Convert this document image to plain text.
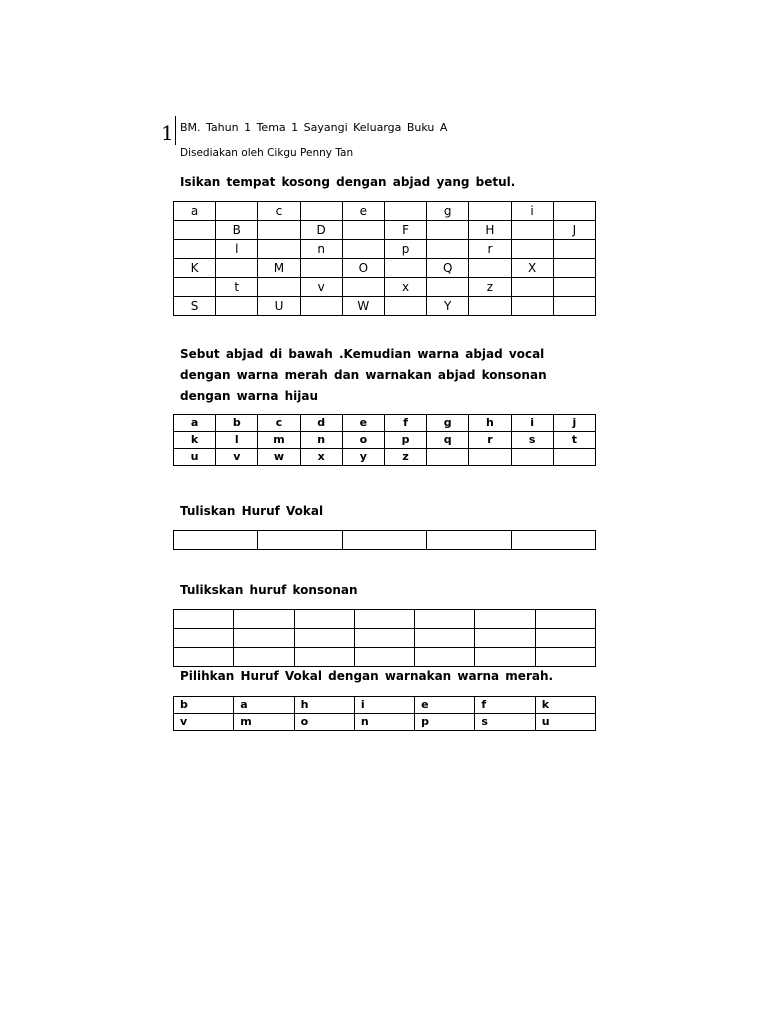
1 BM. Tahun 1 Tema 1 Sayangi Keluarga Buku A
Disediakan oleh Cikgu Penny Tan
Isikan tempat kosong dengan abjad yang betul.
a		c		e		g		i	
	B		D		F		H		J
	l		n		p		r		
K		M		O		Q		X	
	t		v		x		z		
S		U		W		Y			
Sebut abjad di bawah .Kemudian warna abjad vocal dengan warna merah dan warnakan abjad konsonan dengan warna hijau
a	b	c	d	e	f	g	h	i	j
k	l	m	n	o	p	q	r	s	t
u	v	w	x	y	z				
Tuliskan Huruf Vokal

Tulikskan huruf konsonan

Pilihkan Huruf Vokal dengan warnakan warna merah.
b	a	h	i	e	f	k
v	m	o	n	p	s	u
